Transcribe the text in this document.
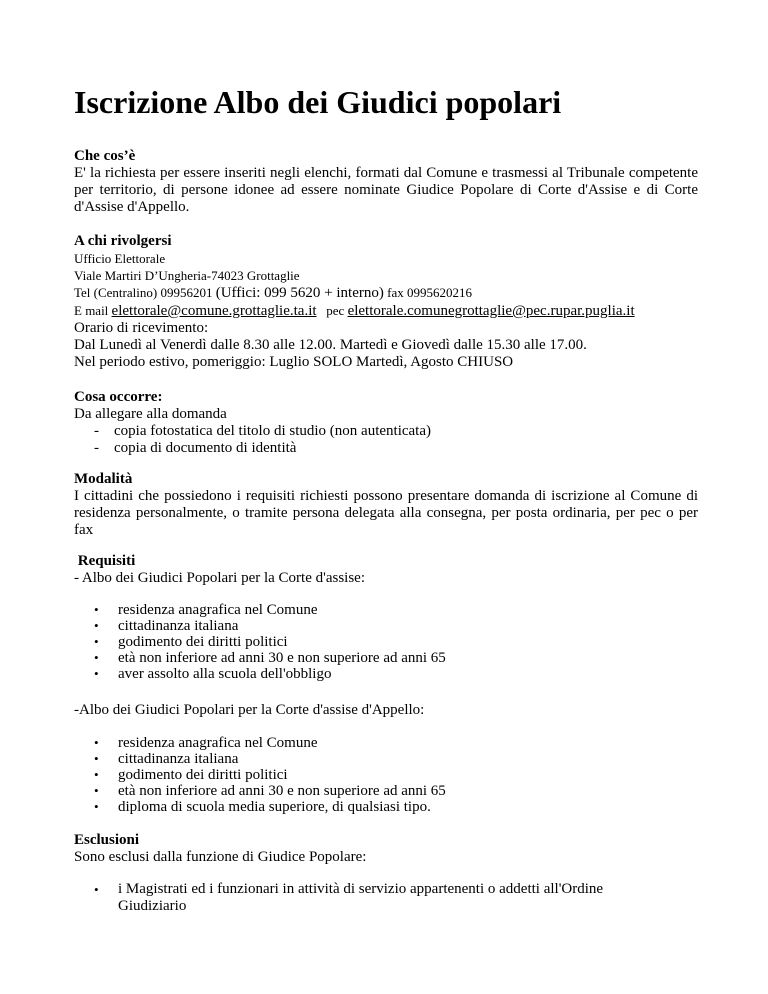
Iscrizione Albo dei Giudici popolari
Che cos’è

E' la richiesta per essere inseriti negli elenchi, formati dal Comune e trasmessi al Tribunale competente per territorio, di persone idonee ad essere nominate Giudice Popolare di Corte d'Assise e di Corte d'Assise d'Appello.

A chi rivolgersi
Ufficio Elettorale
Viale Martiri D’Ungheria-74023 Grottaglie
Tel (Centralino) 09956201 (Uffici: 099 5620 + interno) fax 0995620216
E mail elettorale@comune.grottaglie.ta.it   pec elettorale.comunegrottaglie@pec.rupar.puglia.it
Orario di ricevimento:
Dal Lunedì al Venerdì dalle 8.30 alle 12.00. Martedì e Giovedì dalle 15.30 alle 17.00.
Nel periodo estivo, pomeriggio: Luglio SOLO Martedì, Agosto CHIUSO
Cosa occorre:

Da allegare alla domanda

- copia fotostatica del titolo di studio (non autenticata)
- copia di documento di identità
Modalità

I cittadini che possiedono i requisiti richiesti possono presentare domanda di iscrizione al Comune di residenza personalmente, o tramite persona delegata alla consegna, per posta ordinaria, per pec o per fax

Requisiti

- Albo dei Giudici Popolari per la Corte d'assise:

• residenza anagrafica nel Comune
• cittadinanza italiana
• godimento dei diritti politici
• età non inferiore ad anni 30 e non superiore ad anni 65
• aver assolto alla scuola dell'obbligo

-Albo dei Giudici Popolari per la Corte d'assise d'Appello:

• residenza anagrafica nel Comune
• cittadinanza italiana
• godimento dei diritti politici
• età non inferiore ad anni 30 e non superiore ad anni 65
• diploma di scuola media superiore, di qualsiasi tipo.
Esclusioni

Sono esclusi dalla funzione di Giudice Popolare:

• i Magistrati ed i funzionari in attività di servizio appartenenti o addetti all'Ordine Giudiziario
